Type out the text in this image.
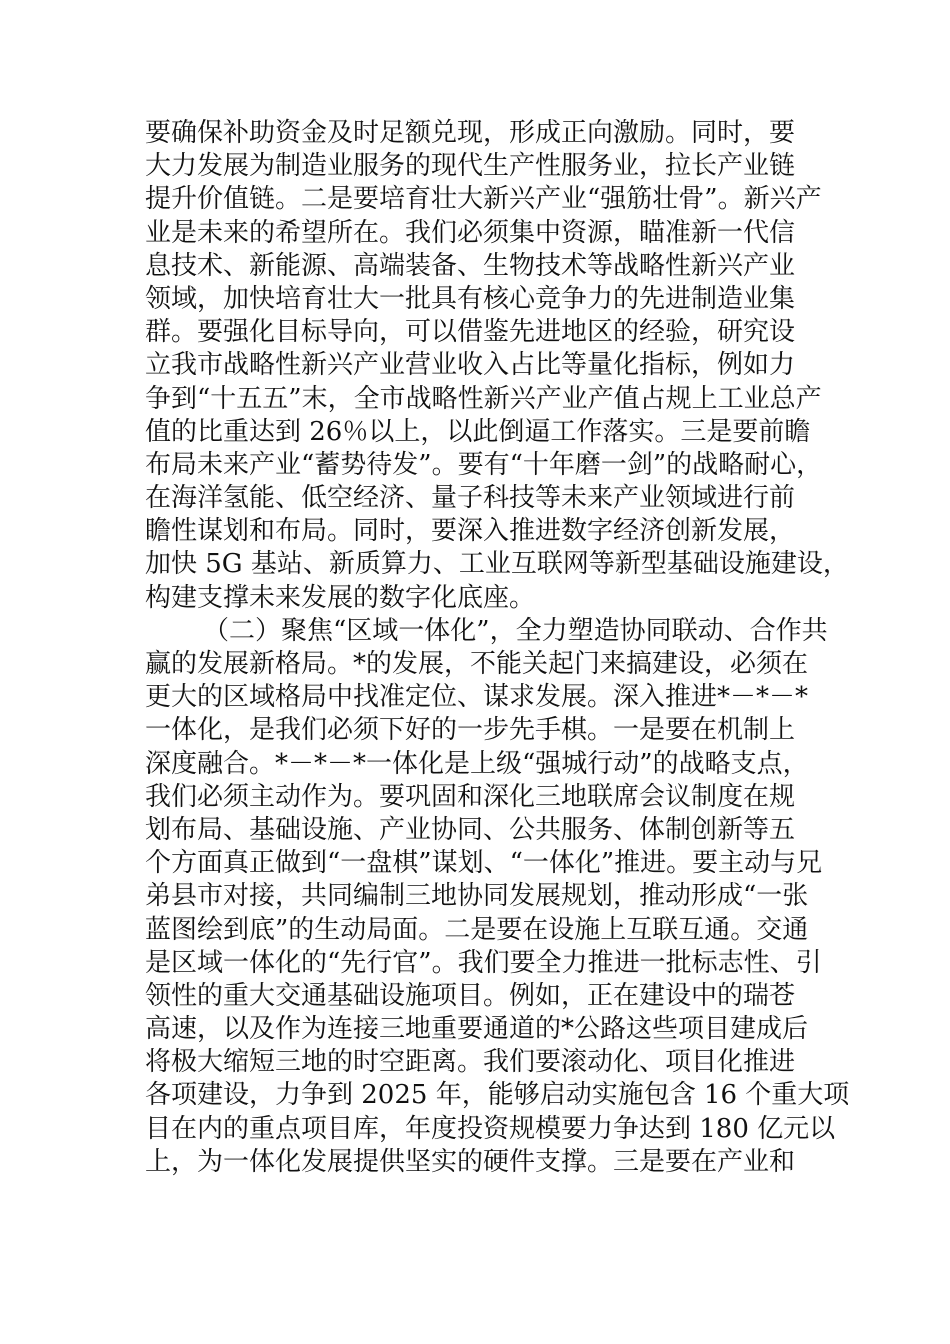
要确保补助资金及时足额兑现，形成正向激励。同时，要
大力发展为制造业服务的现代生产性服务业，拉长产业链
提升价值链。二是要培育壮大新兴产业“强筋壮骨”。新兴产
业是未来的希望所在。我们必须集中资源，瞄准新一代信
息技术、新能源、高端装备、生物技术等战略性新兴产业
领域，加快培育壮大一批具有核心竞争力的先进制造业集
群。要强化目标导向，可以借鉴先进地区的经验，研究设
立我市战略性新兴产业营业收入占比等量化指标，例如力
争到“十五五”末，全市战略性新兴产业产值占规上工业总产
值的比重达到 26％以上，以此倒逼工作落实。三是要前瞻
布局未来产业“蓄势待发”。要有“十年磨一剑”的战略耐心，
在海洋氢能、低空经济、量子科技等未来产业领域进行前
瞻性谋划和布局。同时，要深入推进数字经济创新发展，
加快 5G 基站、新质算力、工业互联网等新型基础设施建设，
构建支撑未来发展的数字化底座。
（二）聚焦“区域一体化”，全力塑造协同联动、合作共
赢的发展新格局。*的发展，不能关起门来搞建设，必须在
更大的区域格局中找准定位、谋求发展。深入推进*－*－*
一体化，是我们必须下好的一步先手棋。一是要在机制上
深度融合。*－*－*一体化是上级“强城行动”的战略支点，
我们必须主动作为。要巩固和深化三地联席会议制度在规
划布局、基础设施、产业协同、公共服务、体制创新等五
个方面真正做到“一盘棋”谋划、“一体化”推进。要主动与兄
弟县市对接，共同编制三地协同发展规划，推动形成“一张
蓝图绘到底”的生动局面。二是要在设施上互联互通。交通
是区域一体化的“先行官”。我们要全力推进一批标志性、引
领性的重大交通基础设施项目。例如，正在建设中的瑞苍
高速，以及作为连接三地重要通道的*公路这些项目建成后
将极大缩短三地的时空距离。我们要滚动化、项目化推进
各项建设，力争到 2025 年，能够启动实施包含 16 个重大项
目在内的重点项目库，年度投资规模要力争达到 180 亿元以
上，为一体化发展提供坚实的硬件支撑。三是要在产业和
